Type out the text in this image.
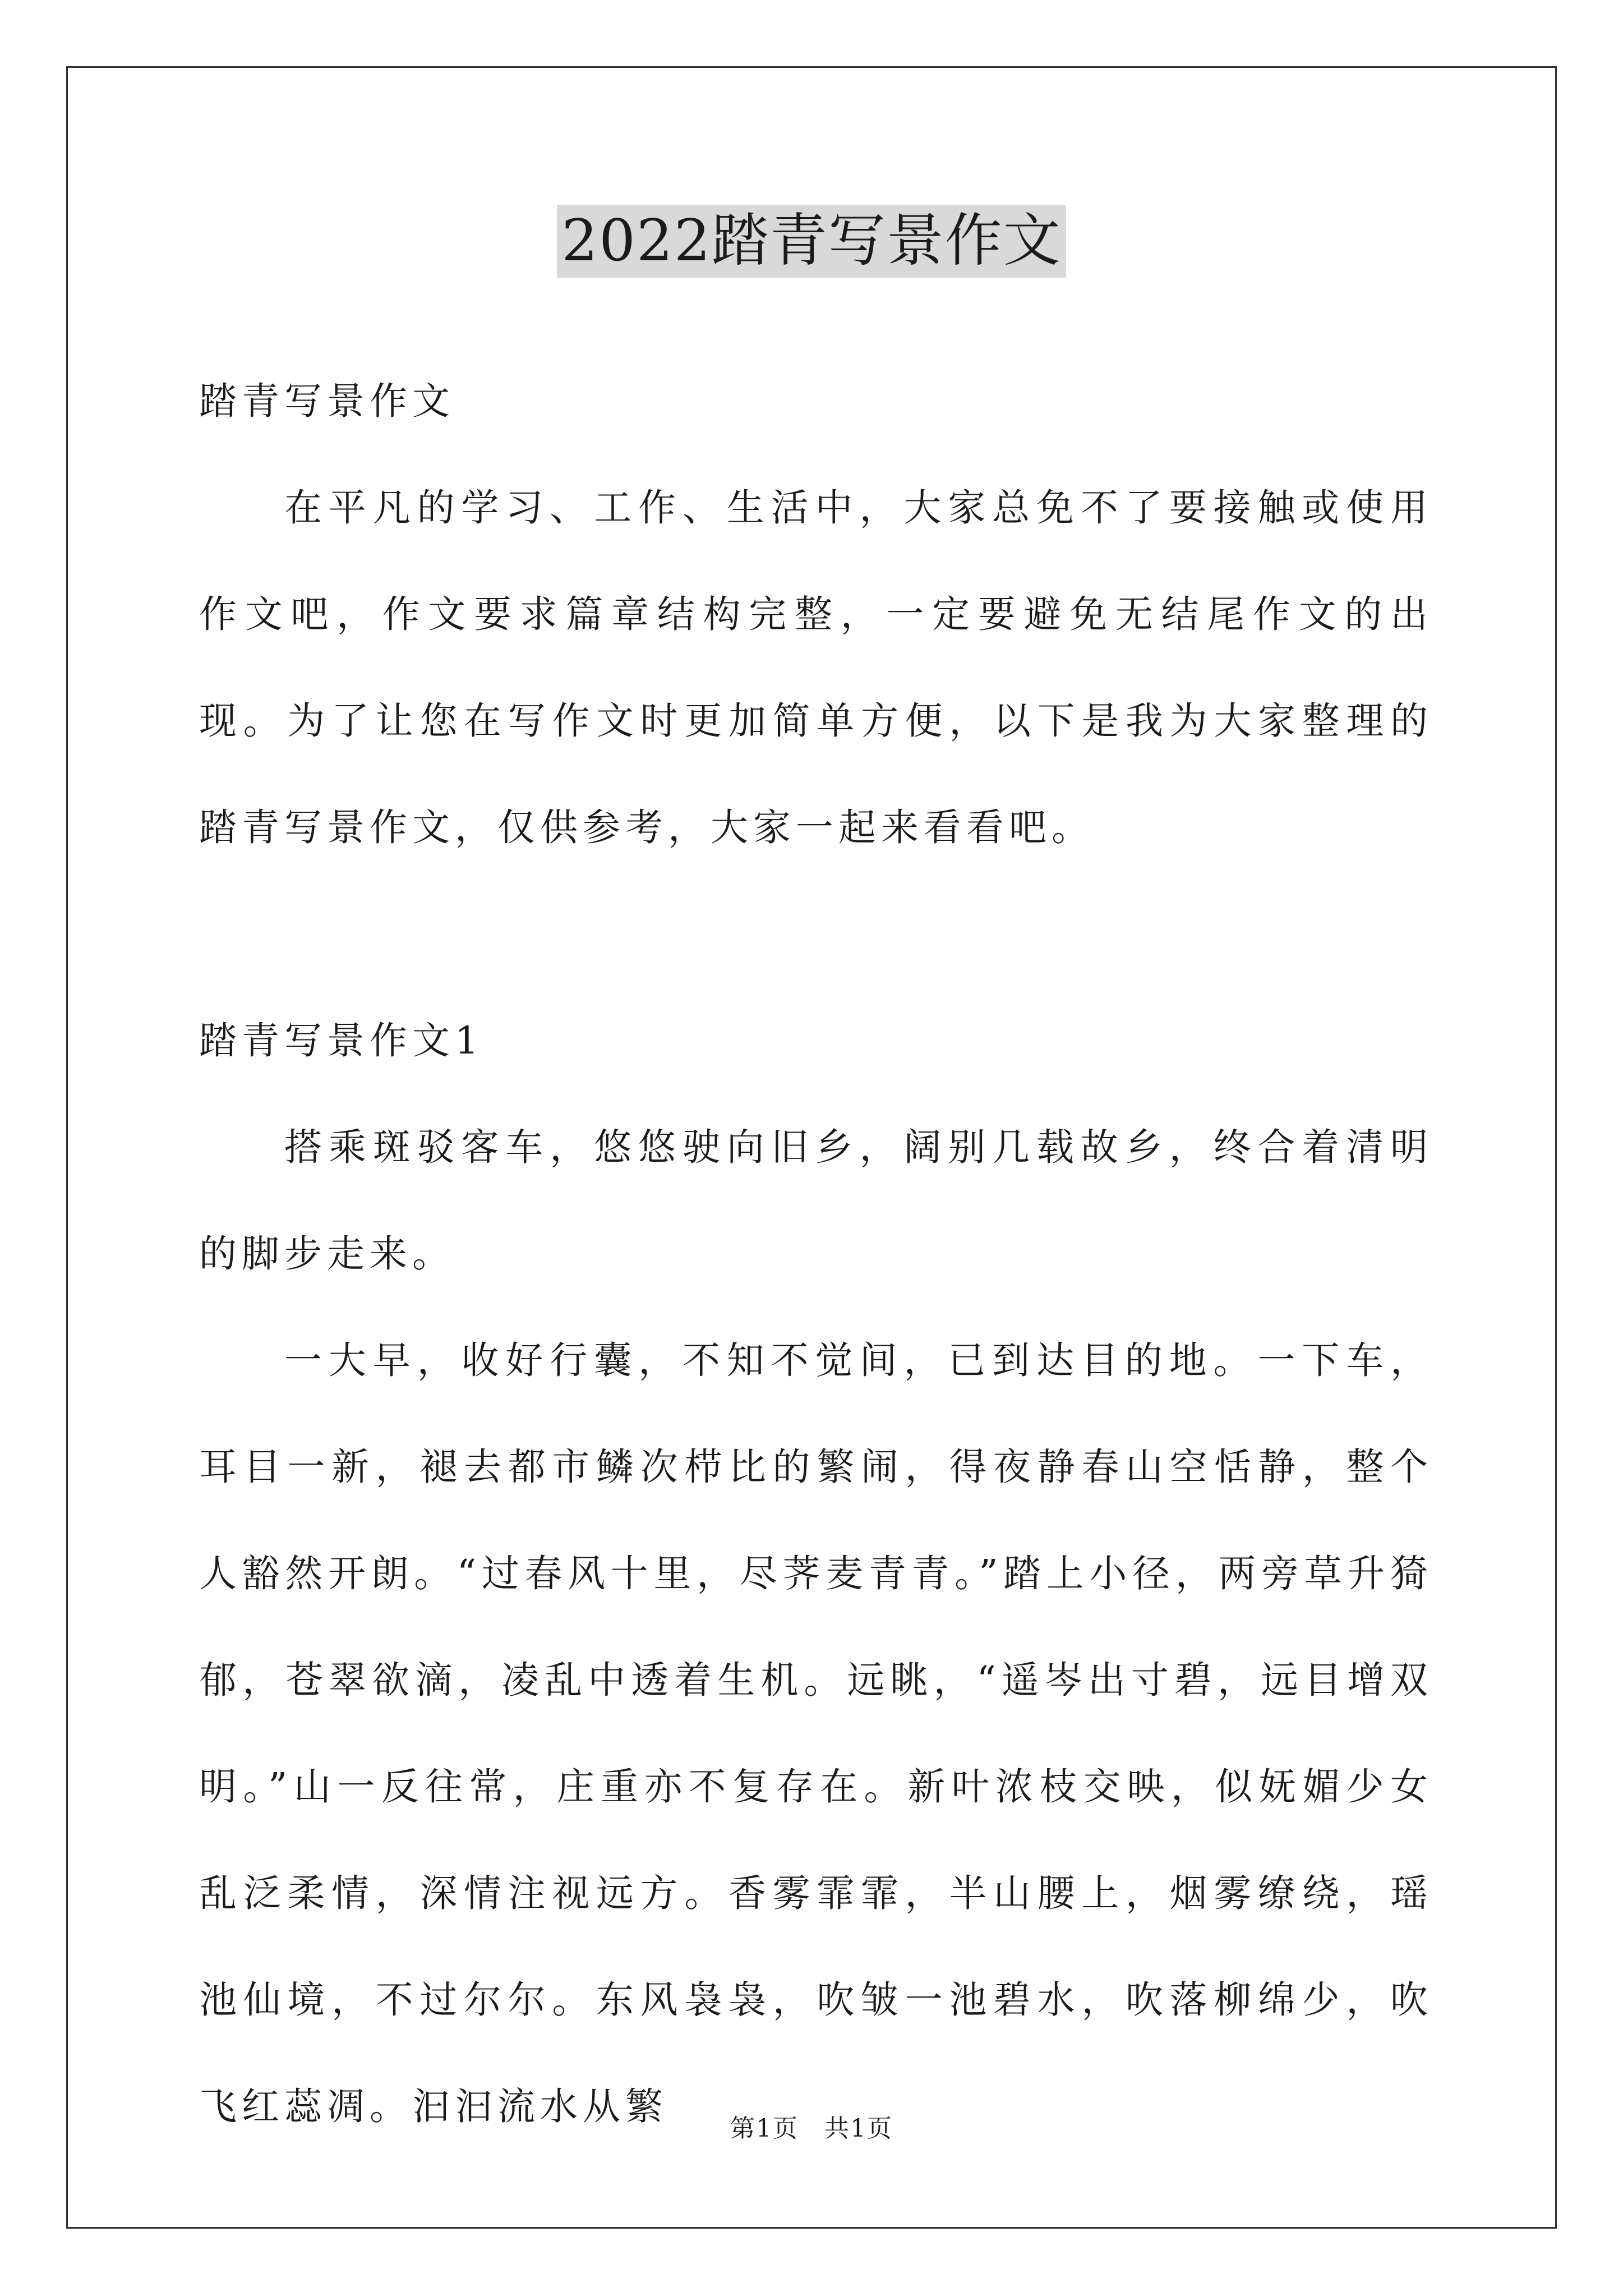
2022踏青写景作文

踏青写景作文

在平凡的学习、工作、生活中，大家总免不了要接触或使用作文吧，作文要求篇章结构完整，一定要避免无结尾作文的出现。为了让您在写作文时更加简单方便，以下是我为大家整理的踏青写景作文，仅供参考，大家一起来看看吧。

踏青写景作文1

搭乘斑驳客车，悠悠驶向旧乡，阔别几载故乡，终合着清明的脚步走来。

一大早，收好行囊，不知不觉间，已到达目的地。一下车，耳目一新，褪去都市鳞次栉比的繁闹，得夜静春山空恬静，整个人豁然开朗。“过春风十里，尽荠麦青青。”踏上小径，两旁草升猗郁，苍翠欲滴，凌乱中透着生机。远眺，“遥岑出寸碧，远目增双明。”山一反往常，庄重亦不复存在。新叶浓枝交映，似妩媚少女乱泛柔情，深情注视远方。香雾霏霏，半山腰上，烟雾缭绕，瑶池仙境，不过尔尔。东风袅袅，吹皱一池碧水，吹落柳绵少，吹飞红蕊凋。汩汩流水从繁

第1页　共1页
